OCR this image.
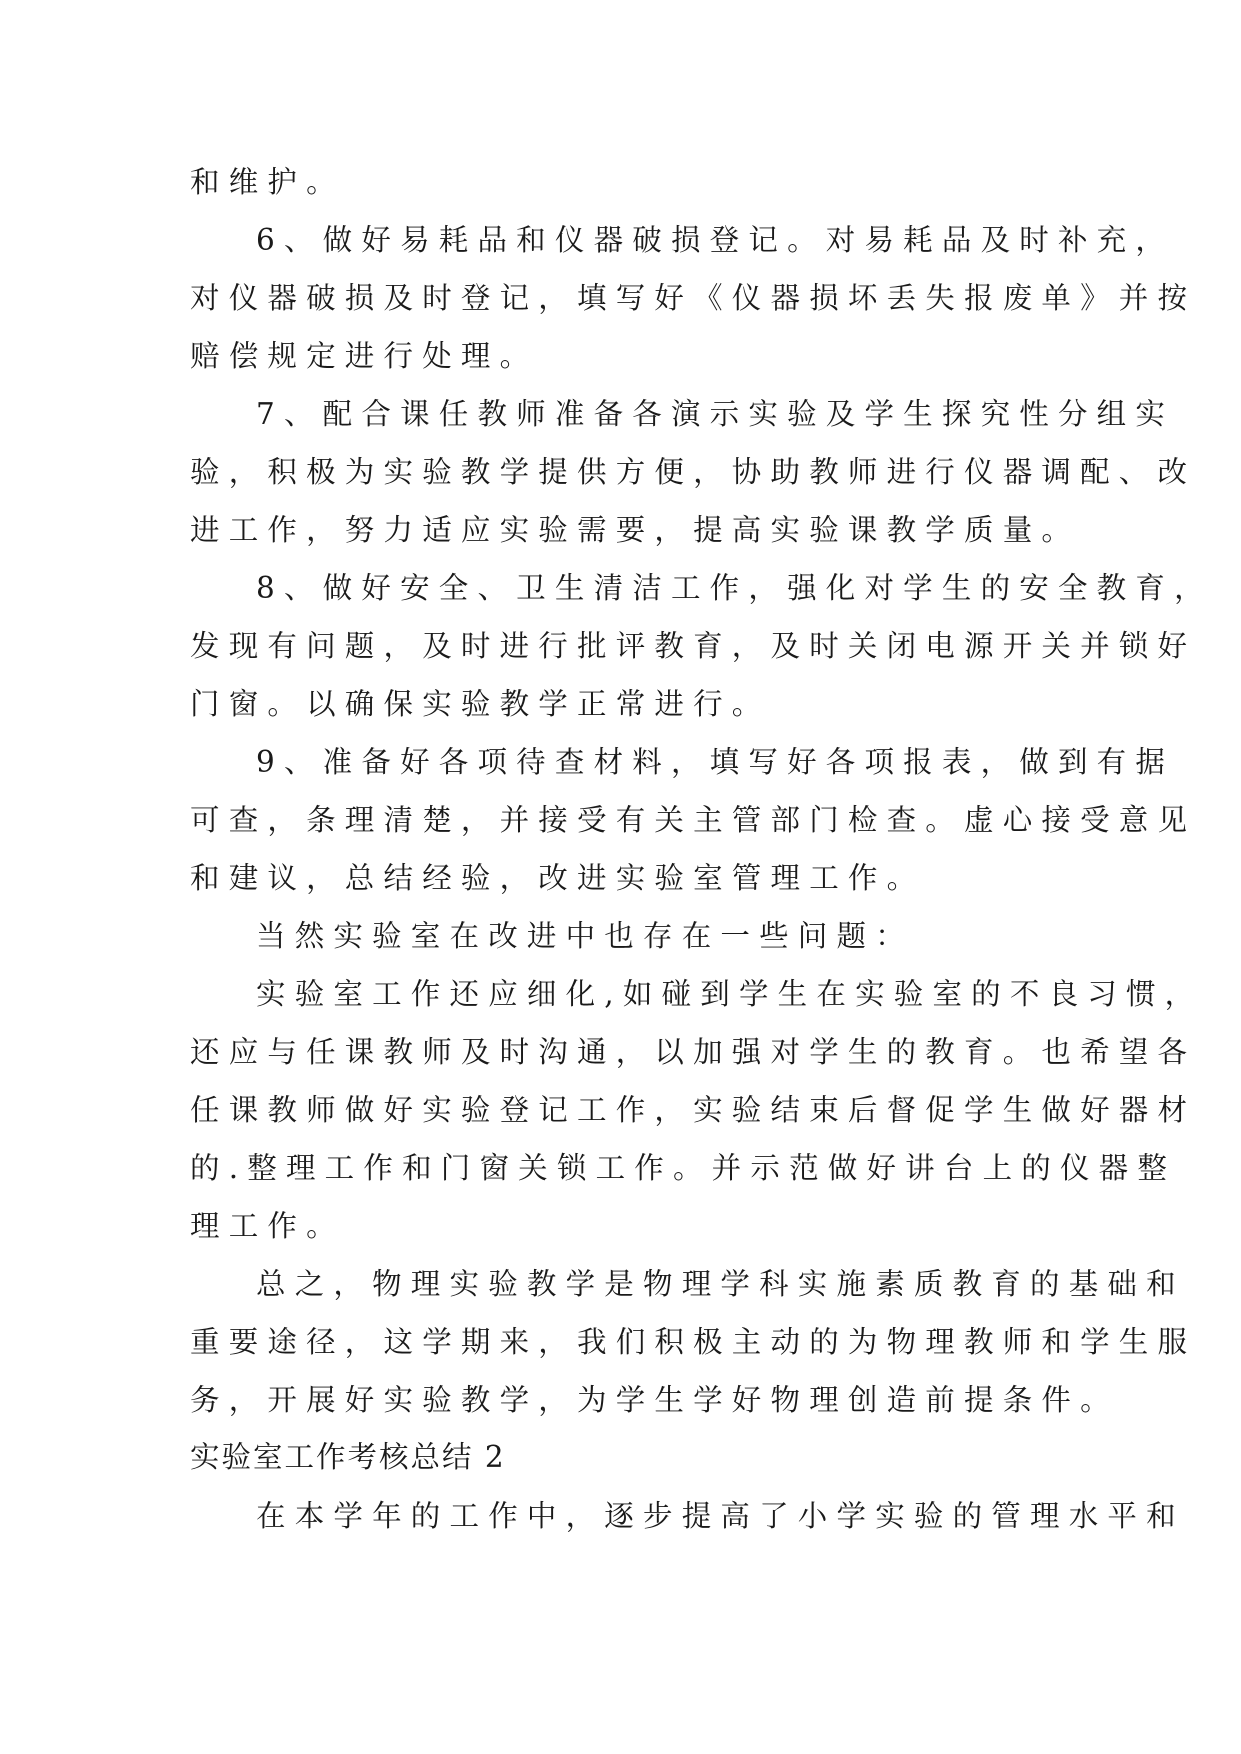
和维护。
6、做好易耗品和仪器破损登记。对易耗品及时补充，
对仪器破损及时登记，填写好《仪器损坏丢失报废单》并按
赔偿规定进行处理。
7、配合课任教师准备各演示实验及学生探究性分组实
验，积极为实验教学提供方便，协助教师进行仪器调配、改
进工作，努力适应实验需要，提高实验课教学质量。
8、做好安全、卫生清洁工作，强化对学生的安全教育，
发现有问题，及时进行批评教育，及时关闭电源开关并锁好
门窗。以确保实验教学正常进行。
9、准备好各项待查材料，填写好各项报表，做到有据
可查，条理清楚，并接受有关主管部门检查。虚心接受意见
和建议，总结经验，改进实验室管理工作。
当然实验室在改进中也存在一些问题：
实验室工作还应细化,如碰到学生在实验室的不良习惯，
还应与任课教师及时沟通，以加强对学生的教育。也希望各
任课教师做好实验登记工作，实验结束后督促学生做好器材
的.整理工作和门窗关锁工作。并示范做好讲台上的仪器整
理工作。
总之，物理实验教学是物理学科实施素质教育的基础和
重要途径，这学期来，我们积极主动的为物理教师和学生服
务，开展好实验教学，为学生学好物理创造前提条件。
实验室工作考核总结 2
在本学年的工作中，逐步提高了小学实验的管理水平和
